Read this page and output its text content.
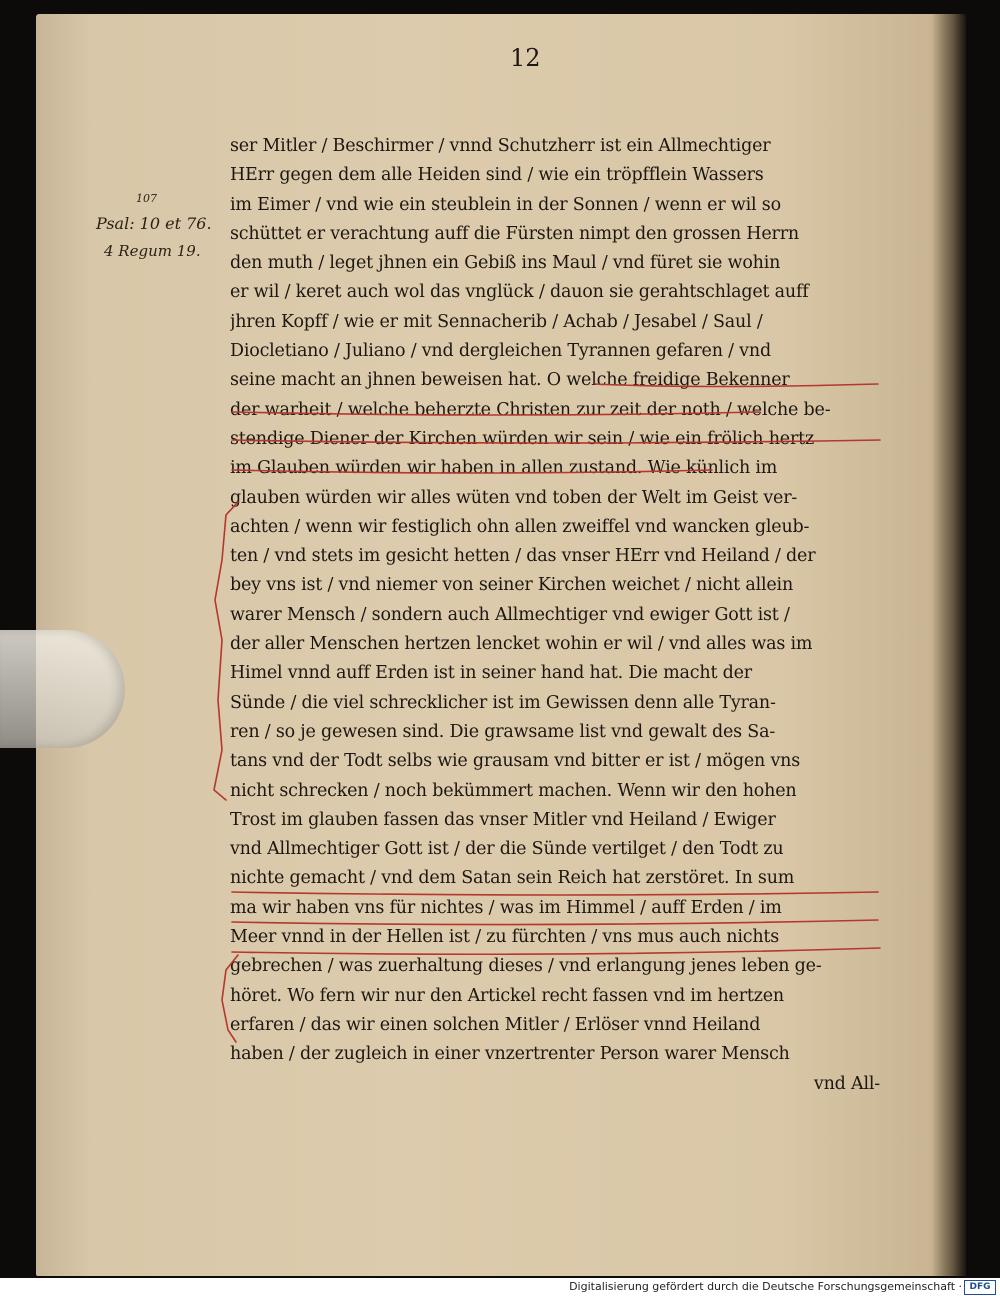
12
107
Psal: 10 et 76.
4 Regum 19.
ser Mitler / Beschirmer / vnnd Schutzherr ist ein Allmechtiger
HErr gegen dem alle Heiden sind / wie ein tröpfflein Wassers
im Eimer / vnd wie ein steublein in der Sonnen / wenn er wil so
schüttet er verachtung auff die Fürsten nimpt den grossen Herrn
den muth / leget jhnen ein Gebiß ins Maul / vnd füret sie wohin
er wil / keret auch wol das vnglück / dauon sie gerahtschlaget auff
jhren Kopff / wie er mit Sennacherib / Achab / Jesabel / Saul /
Diocletiano / Juliano / vnd dergleichen Tyrannen gefaren / vnd
seine macht an jhnen beweisen hat. O welche freidige Bekenner
der warheit / welche beherzte Christen zur zeit der noth / welche be-
stendige Diener der Kirchen würden wir sein / wie ein frölich hertz
im Glauben würden wir haben in allen zustand. Wie künlich im
glauben würden wir alles wüten vnd toben der Welt im Geist ver-
achten / wenn wir festiglich ohn allen zweiffel vnd wancken gleub-
ten / vnd stets im gesicht hetten / das vnser HErr vnd Heiland / der
bey vns ist / vnd niemer von seiner Kirchen weichet / nicht allein
warer Mensch / sondern auch Allmechtiger vnd ewiger Gott ist /
der aller Menschen hertzen lencket wohin er wil / vnd alles was im
Himel vnnd auff Erden ist in seiner hand hat. Die macht der
Sünde / die viel schrecklicher ist im Gewissen denn alle Tyran-
ren / so je gewesen sind. Die grawsame list vnd gewalt des Sa-
tans vnd der Todt selbs wie grausam vnd bitter er ist / mögen vns
nicht schrecken / noch bekümmert machen. Wenn wir den hohen
Trost im glauben fassen das vnser Mitler vnd Heiland / Ewiger
vnd Allmechtiger Gott ist / der die Sünde vertilget / den Todt zu
nichte gemacht / vnd dem Satan sein Reich hat zerstöret. In sum
ma wir haben vns für nichtes / was im Himmel / auff Erden / im
Meer vnnd in der Hellen ist / zu fürchten / vns mus auch nichts
gebrechen / was zuerhaltung dieses / vnd erlangung jenes leben ge-
höret. Wo fern wir nur den Artickel recht fassen vnd im hertzen
erfaren / das wir einen solchen Mitler / Erlöser vnnd Heiland
haben / der zugleich in einer vnzertrenter Person warer Mensch
vnd All-
Digitalisierung gefördert durch die Deutsche Forschungsgemeinschaft · DFG
